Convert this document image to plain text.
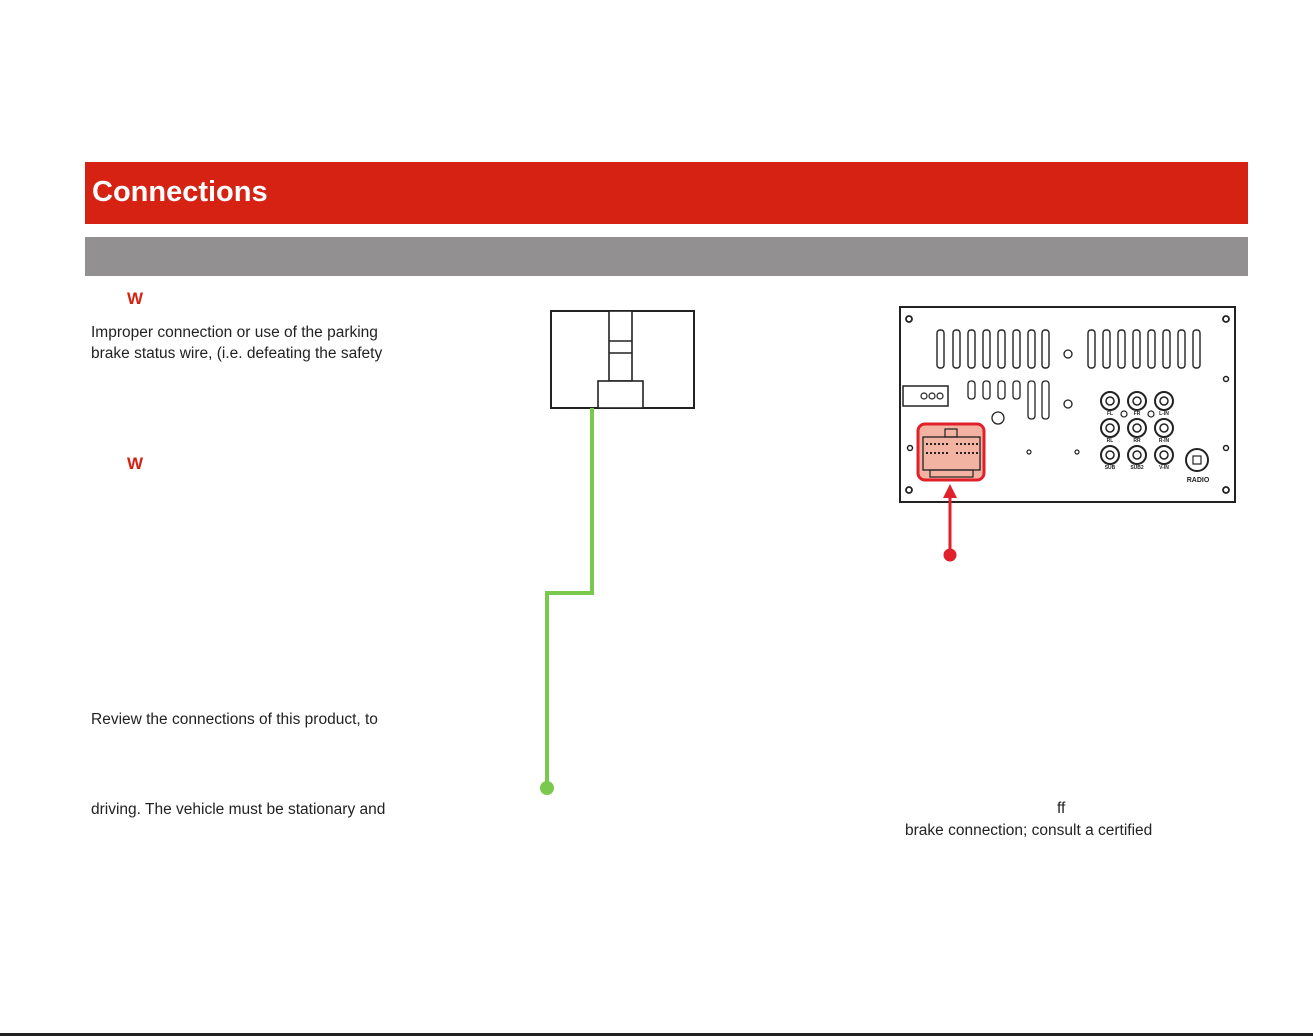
Connections
W
Improper connection or use of the parking
brake status wire, (i.e. defeating the safety
W
Review the connections of this product, to
driving. The vehicle must be stationary and	ff
brake connection; consult a certified
FL	FR	L-IN
RL	RR	R-IN
SUB	SUB2	V-IN
RADIO
